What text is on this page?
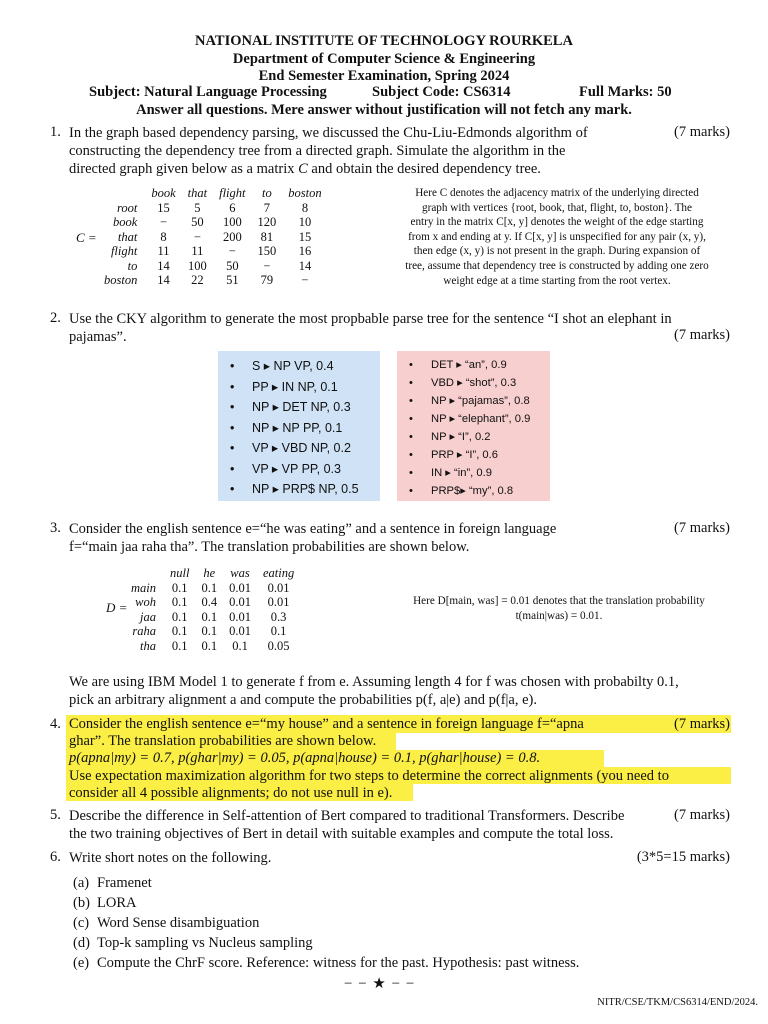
NATIONAL INSTITUTE OF TECHNOLOGY ROURKELA
Department of Computer Science & Engineering
End Semester Examination, Spring 2024
Subject: Natural Language Processing	Subject Code: CS6314	Full Marks: 50
Answer all questions. Mere answer without justification will not fetch any mark.
1. In the graph based dependency parsing, we discussed the Chu-Liu-Edmonds algorithm of
constructing the dependency tree from a directed graph. Simulate the algorithm in the
directed graph given below as a matrix C and obtain the desired dependency tree.
(7 marks)
C =
	book	that	flight	to	boston
root	15	5	6	7	8
book	−	50	100	120	10
that	8	−	200	81	15
flight	11	11	−	150	16
to	14	100	50	−	14
boston	14	22	51	79	−
Here C denotes the adjacency matrix of the underlying directed
graph with vertices {root, book, that, flight, to, boston}. The
entry in the matrix C[x, y] denotes the weight of the edge starting
from x and ending at y. If C[x, y] is unspecified for any pair (x, y),
then edge (x, y) is not present in the graph. During expansion of
tree, assume that dependency tree is constructed by adding one zero
weight edge at a time starting from the root vertex.
2. Use the CKY algorithm to generate the most propbable parse tree for the sentence “I shot an elephant in
pajamas”.	(7 marks)
• S ▸ NP VP, 0.4
• PP ▸ IN NP, 0.1
• NP ▸ DET NP, 0.3
• NP ▸ NP PP, 0.1
• VP ▸ VBD NP, 0.2
• VP ▸ VP PP, 0.3
• NP ▸ PRP$ NP, 0.5
• DET ▸ “an”, 0.9
• VBD ▸ “shot”, 0.3
• NP ▸ “pajamas”, 0.8
• NP ▸ “elephant”, 0.9
• NP ▸ “I”, 0.2
• PRP ▸ “I”, 0.6
• IN ▸ “in”, 0.9
• PRP$▸ “my”, 0.8
3. Consider the english sentence e=“he was eating” and a sentence in foreign language
f=“main jaa raha tha”. The translation probabilities are shown below.
(7 marks)
D =
	null	he	was	eating
main	0.1	0.1	0.01	0.01
woh	0.1	0.4	0.01	0.01
jaa	0.1	0.1	0.01	0.3
raha	0.1	0.1	0.01	0.1
tha	0.1	0.1	0.1	0.05
Here D[main, was] = 0.01 denotes that the translation probability
t(main|was) = 0.01.
We are using IBM Model 1 to generate f from e. Assuming length 4 for f was chosen with probabilty 0.1,
pick an arbitrary alignment a and compute the probabilities p(f, a|e) and p(f|a, e).
4. Consider the english sentence e=“my house” and a sentence in foreign language f=“apna
ghar”. The translation probabilities are shown below.
p(apna|my) = 0.7, p(ghar|my) = 0.05, p(apna|house) = 0.1, p(ghar|house) = 0.8.
Use expectation maximization algorithm for two steps to determine the correct alignments (you need to
consider all 4 possible alignments; do not use null in e).
(7 marks)
5. Describe the difference in Self-attention of Bert compared to traditional Transformers. Describe
the two training objectives of Bert in detail with suitable examples and compute the total loss.
(7 marks)
6. Write short notes on the following.	(3*5=15 marks)
(a) Framenet
(b) LORA
(c) Word Sense disambiguation
(d) Top-k sampling vs Nucleus sampling
(e) Compute the ChrF score. Reference: witness for the past. Hypothesis: past witness.
− − ★ − −
NITR/CSE/TKM/CS6314/END/2024.
